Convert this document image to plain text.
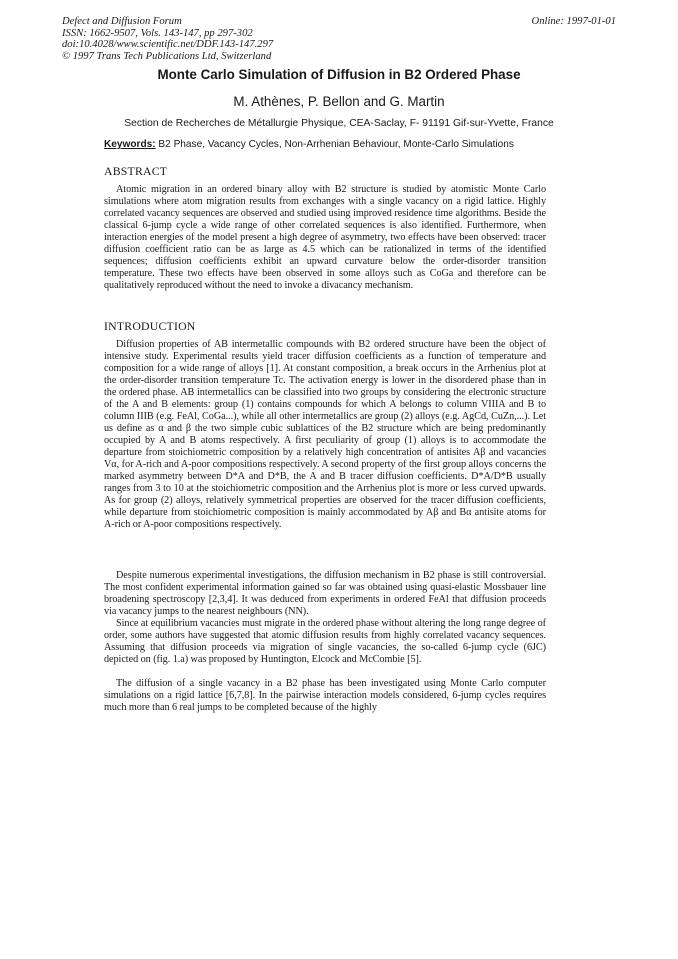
Defect and Diffusion Forum
ISSN: 1662-9507, Vols. 143-147, pp 297-302
doi:10.4028/www.scientific.net/DDF.143-147.297
© 1997 Trans Tech Publications Ltd, Switzerland
Online: 1997-01-01
Monte Carlo Simulation of Diffusion in B2 Ordered Phase
M. Athènes, P. Bellon and G. Martin
Section de Recherches de Métallurgie Physique, CEA-Saclay, F- 91191 Gif-sur-Yvette, France
Keywords: B2 Phase, Vacancy Cycles, Non-Arrhenian Behaviour, Monte-Carlo Simulations
ABSTRACT

Atomic migration in an ordered binary alloy with B2 structure is studied by atomistic Monte Carlo simulations where atom migration results from exchanges with a single vacancy on a rigid lattice. Highly correlated vacancy sequences are observed and studied using improved residence time algorithms. Beside the classical 6-jump cycle a wide range of other correlated sequences is also identified. Furthermore, when interaction energies of the model present a high degree of asymmetry, two effects have been observed: tracer diffusion coefficient ratio can be as large as 4.5 which can be rationalized in terms of the identified sequences; diffusion coefficients exhibit an upward curvature below the order-disorder transition temperature. These two effects have been observed in some alloys such as CoGa and therefore can be qualitatively reproduced without the need to invoke a divacancy mechanism.

INTRODUCTION

Diffusion properties of AB intermetallic compounds with B2 ordered structure have been the object of intensive study. Experimental results yield tracer diffusion coefficients as a function of temperature and composition for a wide range of alloys [1]. At constant composition, a break occurs in the Arrhenius plot at the order-disorder transition temperature Tc. The activation energy is lower in the disordered phase than in the ordered phase. AB intermetallics can be classified into two groups by considering the electronic structure of the A and B elements: group (1) contains compounds for which A belongs to column VIIIA and B to column IIIB (e.g. FeAl, CoGa...), while all other intermetallics are group (2) alloys (e.g. AgCd, CuZn,...). Let us define as α and β the two simple cubic sublattices of the B2 structure which are being predominantly occupied by A and B atoms respectively. A first peculiarity of group (1) alloys is to accommodate the departure from stoichiometric composition by a relatively high concentration of antisites Aβ and vacancies Vα, for A-rich and A-poor compositions respectively. A second property of the first group alloys concerns the marked asymmetry between D*A and D*B, the A and B tracer diffusion coefficients. D*A/D*B usually ranges from 3 to 10 at the stoichiometric composition and the Arrhenius plot is more or less curved upwards. As for group (2) alloys, relatively symmetrical properties are observed for the tracer diffusion coefficients, while departure from stoichiometric composition is mainly accommodated by Aβ and Bα antisite atoms for A-rich or A-poor compositions respectively.

Despite numerous experimental investigations, the diffusion mechanism in B2 phase is still controversial. The most confident experimental information gained so far was obtained using quasi-elastic Mossbauer line broadening spectroscopy [2,3,4]. It was deduced from experiments in ordered FeAl that diffusion proceeds via vacancy jumps to the nearest neighbours (NN).

Since at equilibrium vacancies must migrate in the ordered phase without altering the long range degree of order, some authors have suggested that atomic diffusion results from highly correlated vacancy sequences. Assuming that diffusion proceeds via migration of single vacancies, the so-called 6-jump cycle (6JC) depicted on (fig. 1.a) was proposed by Huntington, Elcock and McCombie [5].

The diffusion of a single vacancy in a B2 phase has been investigated using Monte Carlo computer simulations on a rigid lattice [6,7,8]. In the pairwise interaction models considered, 6-jump cycles requires much more than 6 real jumps to be completed because of the highly
